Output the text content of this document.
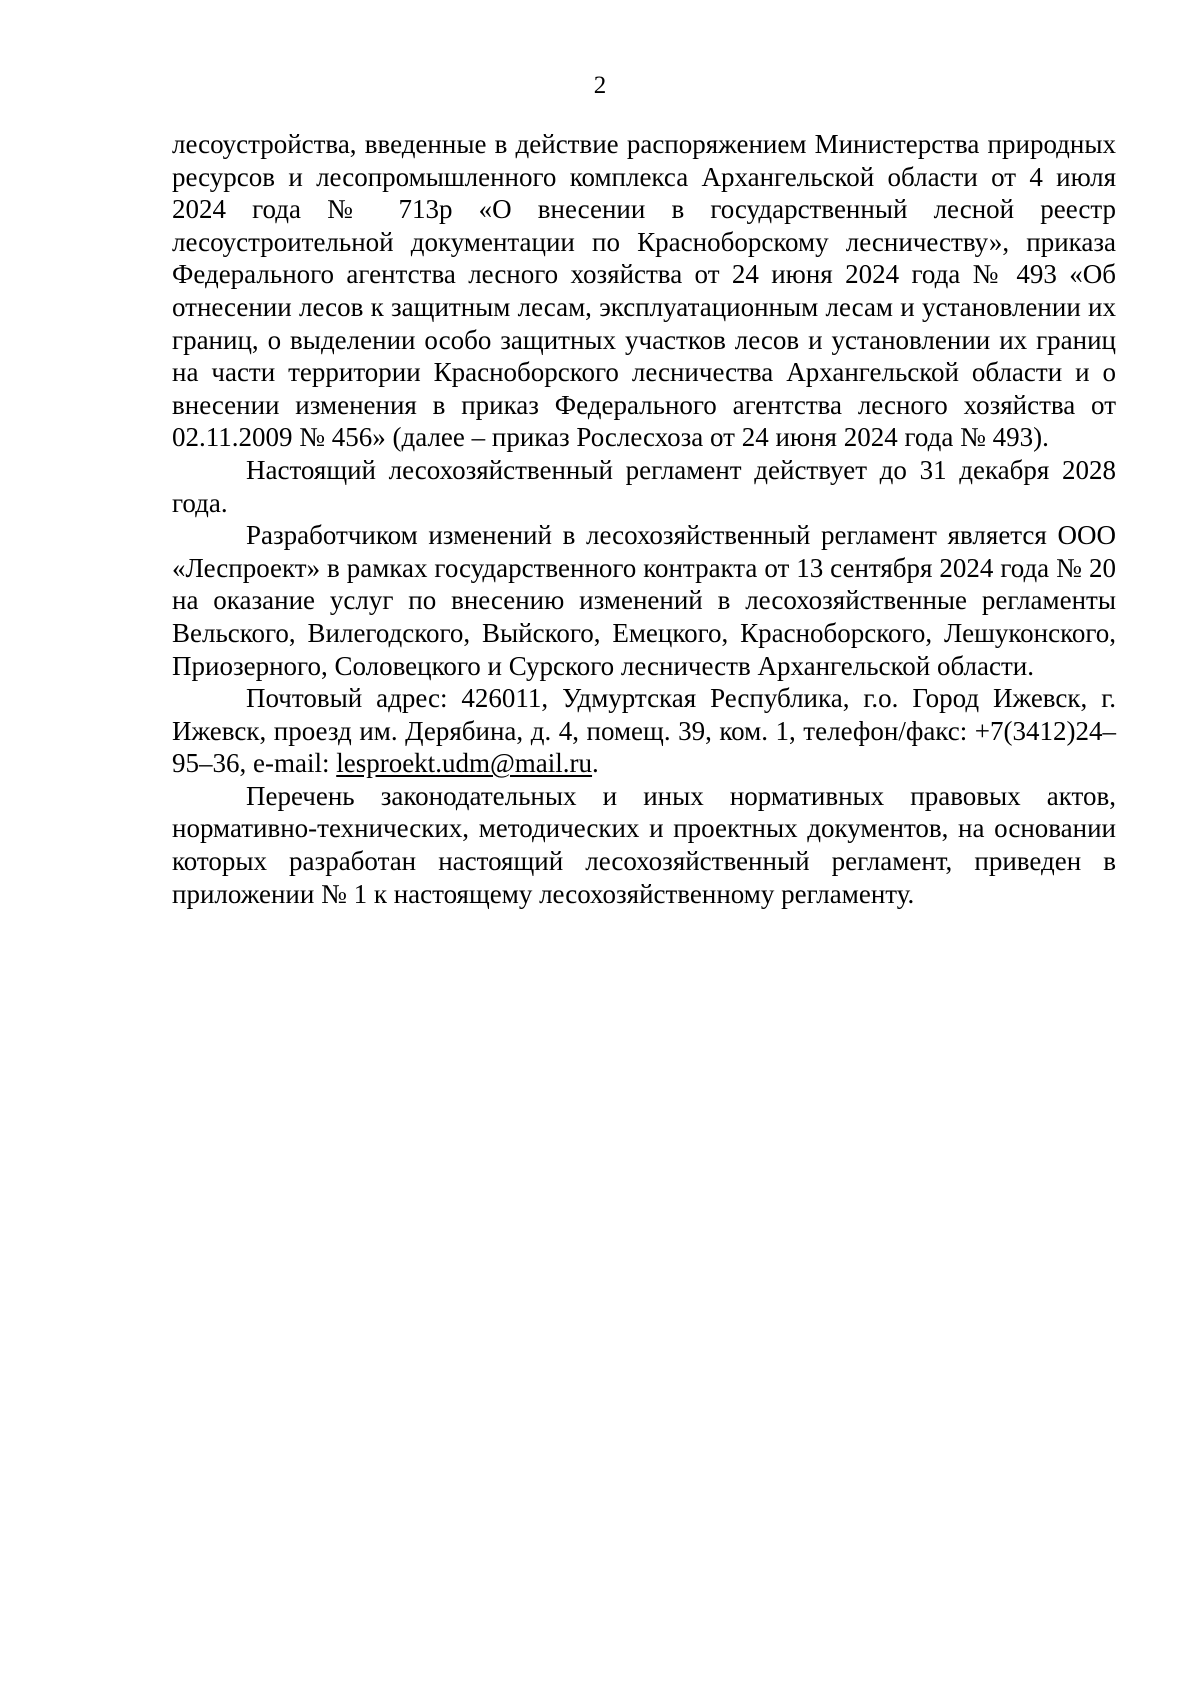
2

лесоустройства, введенные в действие распоряжением Министерства природных ресурсов и лесопромышленного комплекса Архангельской области от 4 июля 2024 года № 713р «О внесении в государственный лесной реестр лесоустроительной документации по Красноборскому лесничеству», приказа Федерального агентства лесного хозяйства от 24 июня 2024 года № 493 «Об отнесении лесов к защитным лесам, эксплуатационным лесам и установлении их границ, о выделении особо защитных участков лесов и установлении их границ на части территории Красноборского лесничества Архангельской области и о внесении изменения в приказ Федерального агентства лесного хозяйства от 02.11.2009 № 456» (далее – приказ Рослесхоза от 24 июня 2024 года № 493).

Настоящий лесохозяйственный регламент действует до 31 декабря 2028 года.

Разработчиком изменений в лесохозяйственный регламент является ООО «Леспроект» в рамках государственного контракта от 13 сентября 2024 года № 20 на оказание услуг по внесению изменений в лесохозяйственные регламенты Вельского, Вилегодского, Выйского, Емецкого, Красноборского, Лешуконского, Приозерного, Соловецкого и Сурского лесничеств Архангельской области.

Почтовый адрес: 426011, Удмуртская Республика, г.о. Город Ижевск, г. Ижевск, проезд им. Дерябина, д. 4, помещ. 39, ком. 1, телефон/факс: +7(3412)24–95–36, e-mail: lesproekt.udm@mail.ru.

Перечень законодательных и иных нормативных правовых актов, нормативно-технических, методических и проектных документов, на основании которых разработан настоящий лесохозяйственный регламент, приведен в приложении № 1 к настоящему лесохозяйственному регламенту.
